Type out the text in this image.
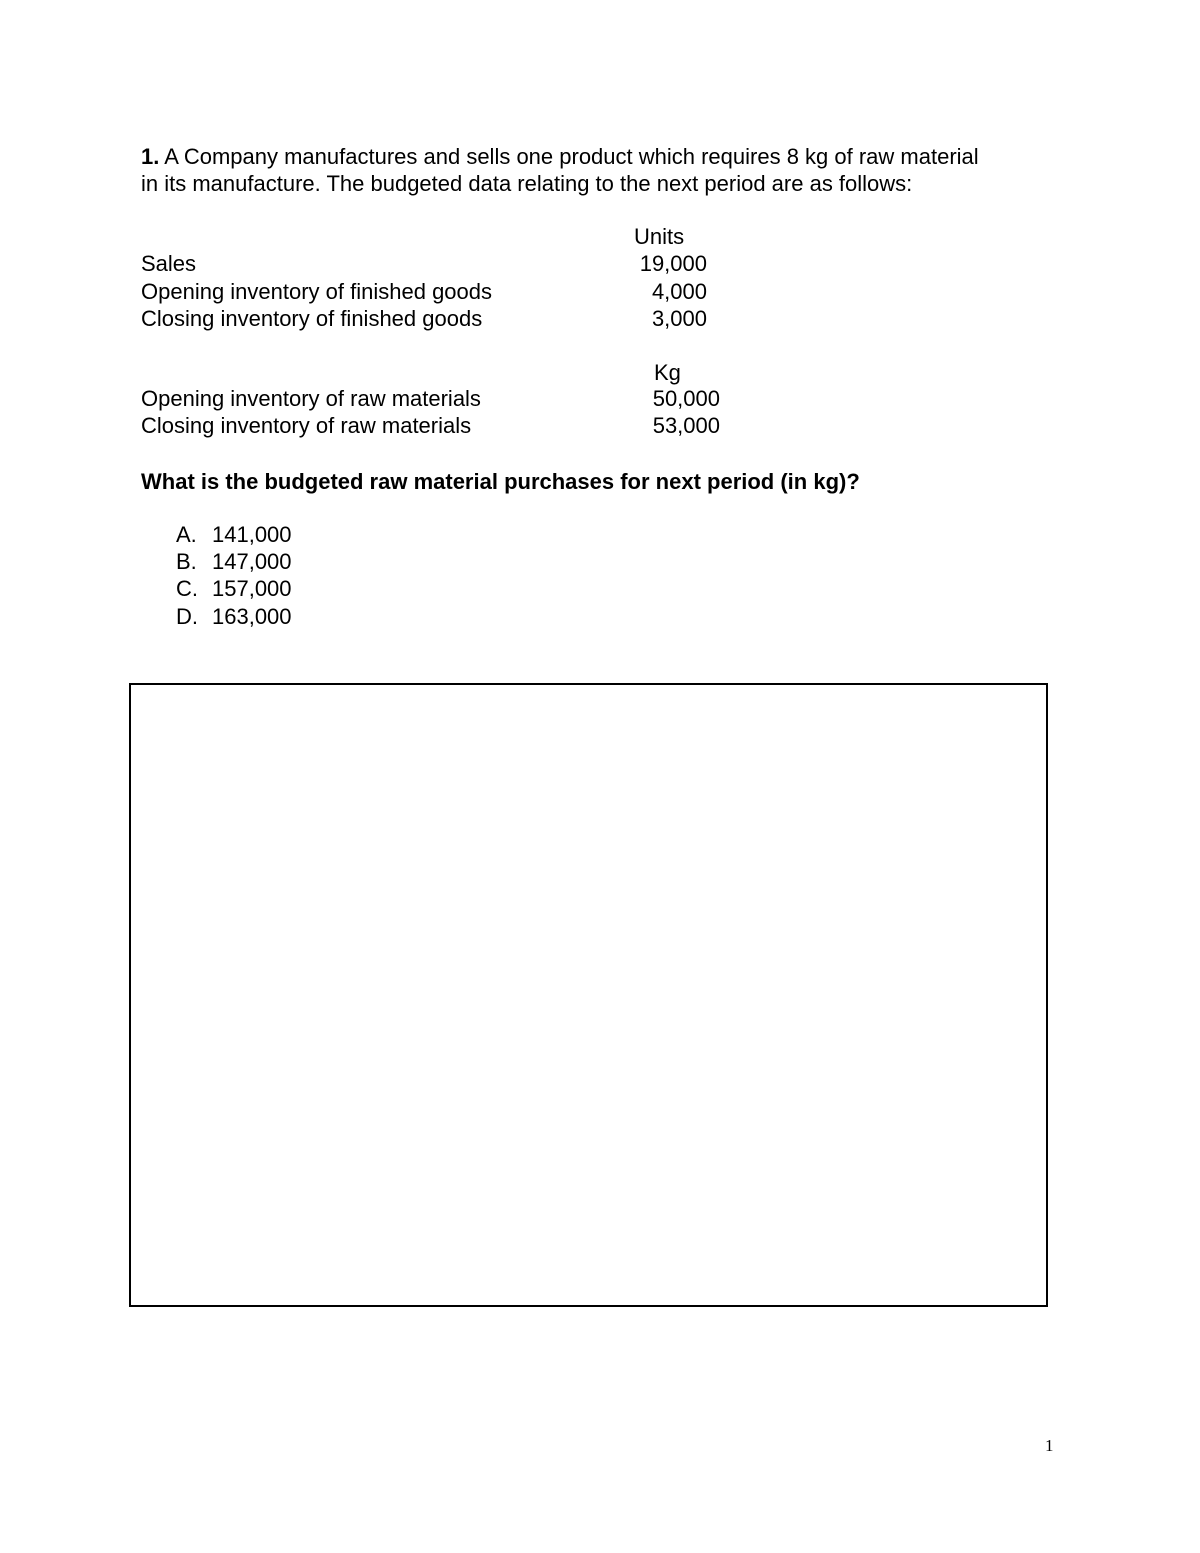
1. A Company manufactures and sells one product which requires 8 kg of raw material
in its manufacture. The budgeted data relating to the next period are as follows:
Units
Sales	19,000
Opening inventory of finished goods	4,000
Closing inventory of finished goods	3,000
Kg
Opening inventory of raw materials	50,000
Closing inventory of raw materials	53,000
What is the budgeted raw material purchases for next period (in kg)?
A. 141,000
B. 147,000
C. 157,000
D. 163,000
1
